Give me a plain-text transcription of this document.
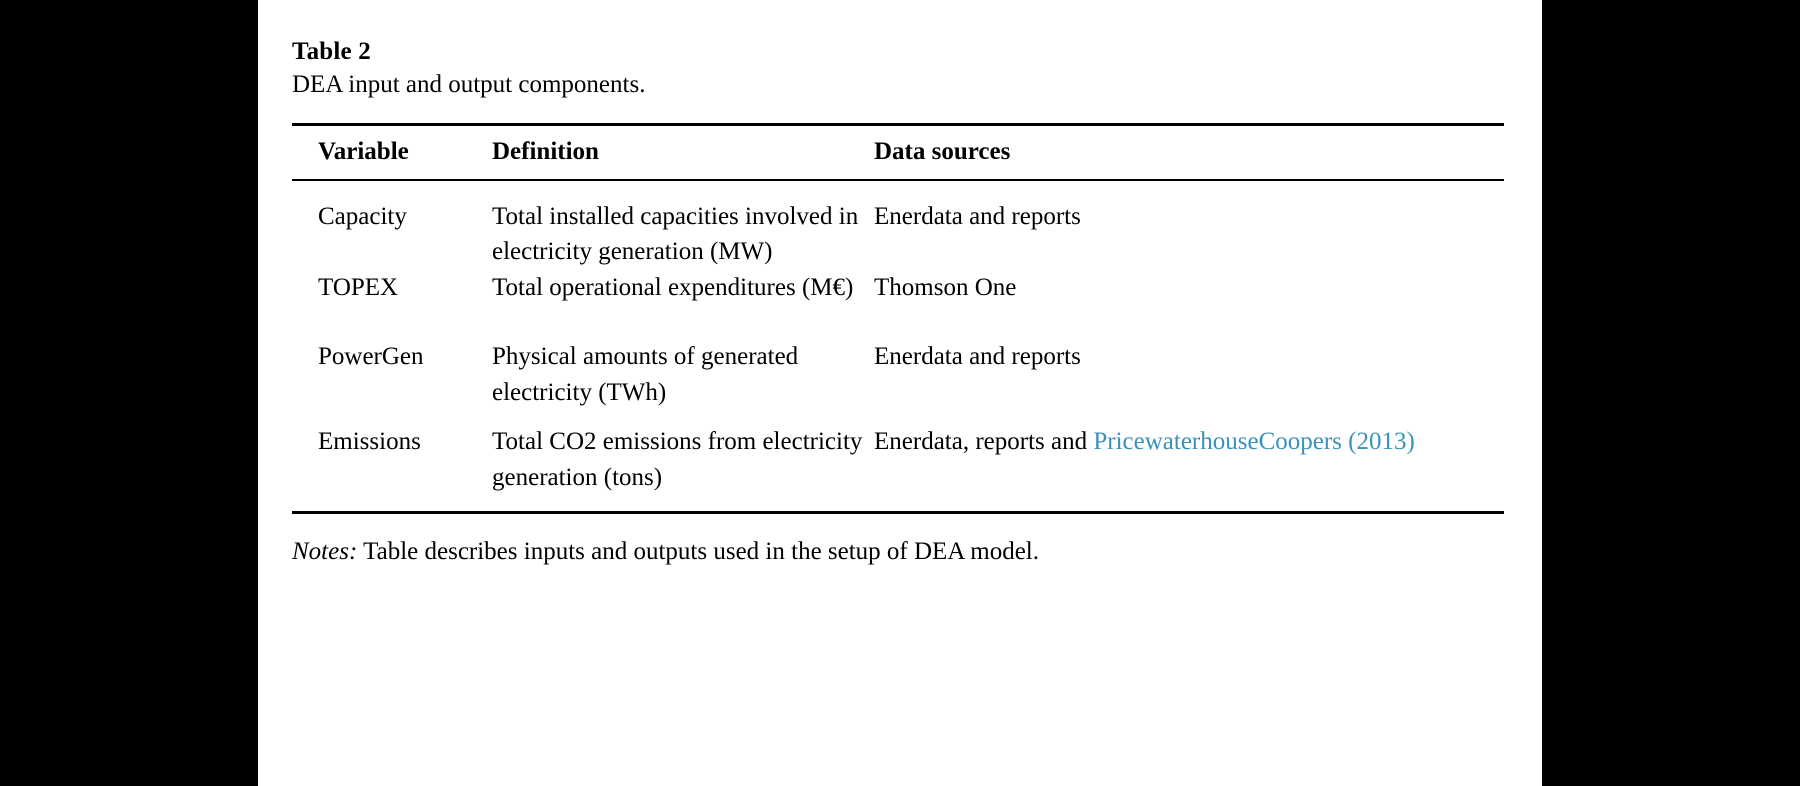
Table 2
DEA input and output components.
Variable	Definition	Data sources

Capacity	Total installed capacities involved in electricity generation (MW)	Enerdata and reports
TOPEX	Total operational expenditures (M€)	Thomson One

PowerGen	Physical amounts of generated electricity (TWh)	Enerdata and reports

Emissions	Total CO2 emissions from electricity generation (tons)	Enerdata, reports and PricewaterhouseCoopers (2013)
Notes: Table describes inputs and outputs used in the setup of DEA model.
